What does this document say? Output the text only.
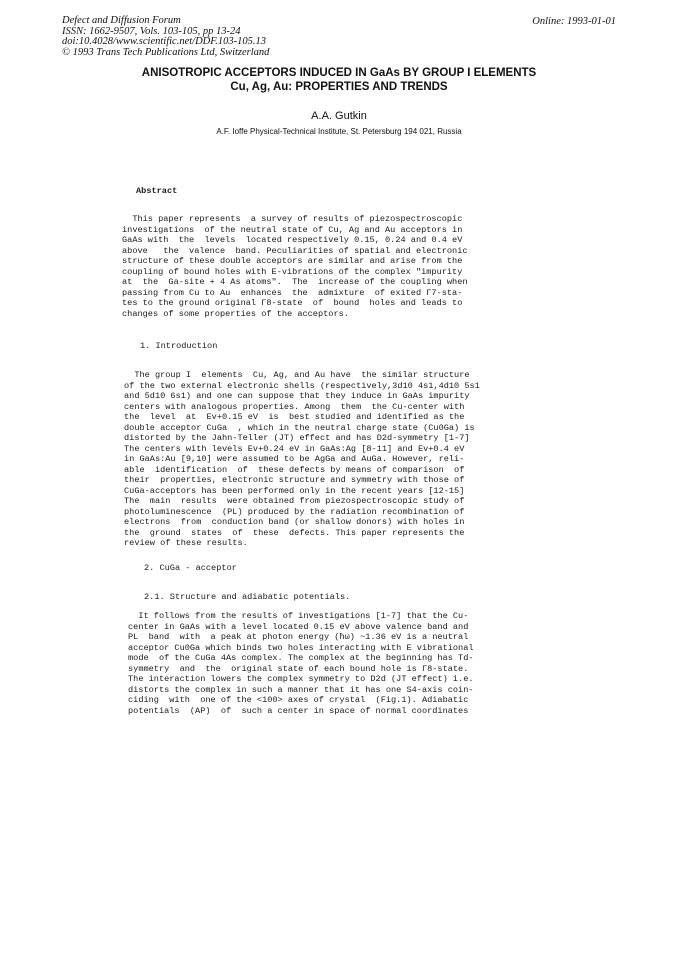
Defect and Diffusion Forum
ISSN: 1662-9507, Vols. 103-105, pp 13-24
doi:10.4028/www.scientific.net/DDF.103-105.13
© 1993 Trans Tech Publications Ltd, Switzerland
Online: 1993-01-01
ANISOTROPIC ACCEPTORS INDUCED IN GaAs BY GROUP I ELEMENTS
Cu, Ag, Au: PROPERTIES AND TRENDS
A.A. Gutkin
A.F. Ioffe Physical-Technical Institute, St. Petersburg 194 021, Russia
Abstract
This paper represents  a survey of results of piezospectroscopic
investigations  of the neutral state of Cu, Ag and Au acceptors in
GaAs with  the  levels  located respectively 0.15, 0.24 and 0.4 eV
above   the  valence  band. Peculiarities of spatial and electronic
structure of these double acceptors are similar and arise from the
coupling of bound holes with E-vibrations of the complex "impurity
at  the  Ga-site + 4 As atoms".  The  increase of the coupling when
passing from Cu to Au  enhances  the  admixture  of exited Γ7-sta-
tes to the ground original Γ8-state  of  bound  holes and leads to
changes of some properties of the acceptors.
1. Introduction
The group I  elements  Cu, Ag, and Au have  the similar structure
of the two external electronic shells (respectively,3d10 4s1,4d10 5s1
and 5d10 6s1) and one can suppose that they induce in GaAs impurity
centers with analogous properties. Among  them  the Cu-center with
the  level  at  Ev+0.15 eV  is  best studied and identified as the
double acceptor CuGa  , which in the neutral charge state (Cu0Ga) is
distorted by the Jahn-Teller (JT) effect and has D2d-symmetry [1-7]
The centers with levels Ev+0.24 eV in GaAs:Ag [8-11] and Ev+0.4 eV
in GaAs:Au [9,10] were assumed to be AgGa and AuGa. However, reli-
able  identification  of  these defects by means of comparison  of
their  properties, electronic structure and symmetry with those of
CuGa-acceptors has been performed only in the recent years [12-15]
The  main  results  were obtained from piezospectroscopic study of
photoluminescence  (PL) produced by the radiation recombination of
electrons  from  conduction band (or shallow donors) with holes in
the  ground  states  of  these  defects. This paper represents the
review of these results.
2. CuGa - acceptor
2.1. Structure and adiabatic potentials.
It follows from the results of investigations [1-7] that the Cu-
center in GaAs with a level located 0.15 eV above valence band and
PL  band  with  a peak at photon energy (ħω) ~1.36 eV is a neutral
acceptor Cu0Ga which binds two holes interacting with E vibrational
mode  of the CuGa 4As complex. The complex at the beginning has Td-
symmetry  and  the  original state of each bound hole is Γ8-state.
The interaction lowers the complex symmetry to D2d (JT effect) i.e.
distorts the complex in such a manner that it has one S4-axis coin-
ciding  with  one of the <100> axes of crystal  (Fig.1). Adiabatic
potentials  (AP)  of  such a center in space of normal coordinates
